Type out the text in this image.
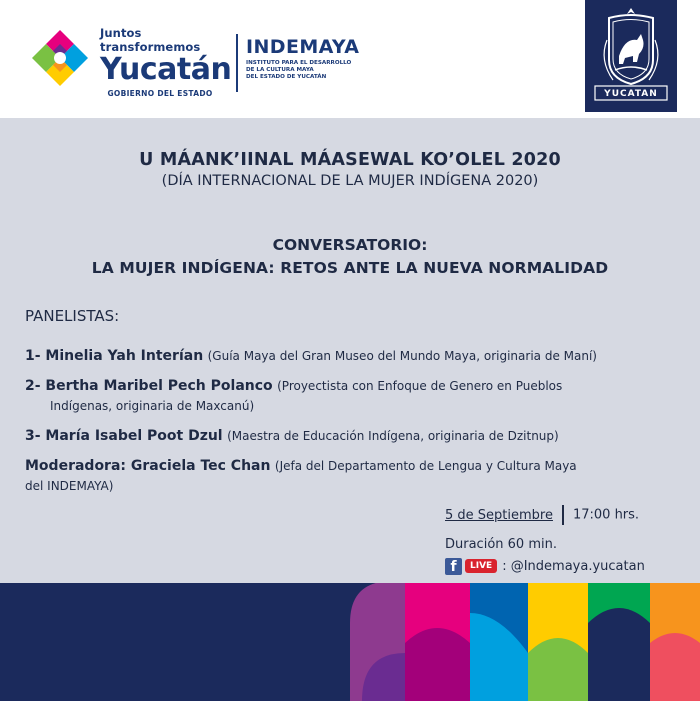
Juntos transformemos
Yucatán
GOBIERNO DEL ESTADO
INDEMAYA
INSTITUTO PARA EL DESARROLLO
DE LA CULTURA MAYA
DEL ESTADO DE YUCATÁN
YUCATAN
U MÁANK’IINAL MÁASEWAL KO’OLEL 2020
(DÍA INTERNACIONAL DE LA MUJER INDÍGENA 2020)
CONVERSATORIO:
LA MUJER INDÍGENA: RETOS ANTE LA NUEVA NORMALIDAD
PANELISTAS:
1- Minelia Yah Interían (Guía Maya del Gran Museo del Mundo Maya, originaria de Maní)
2- Bertha Maribel Pech Polanco (Proyectista con Enfoque de Genero en Pueblos
Indígenas, originaria de Maxcanú)
3- María Isabel Poot Dzul (Maestra de Educación Indígena, originaria de Dzitnup)
Moderadora: Graciela Tec Chan (Jefa del Departamento de Lengua y Cultura Maya
del INDEMAYA)
5 de Septiembre 17:00 hrs.
Duración 60 min.
f	LIVE : @Indemaya.yucatan
